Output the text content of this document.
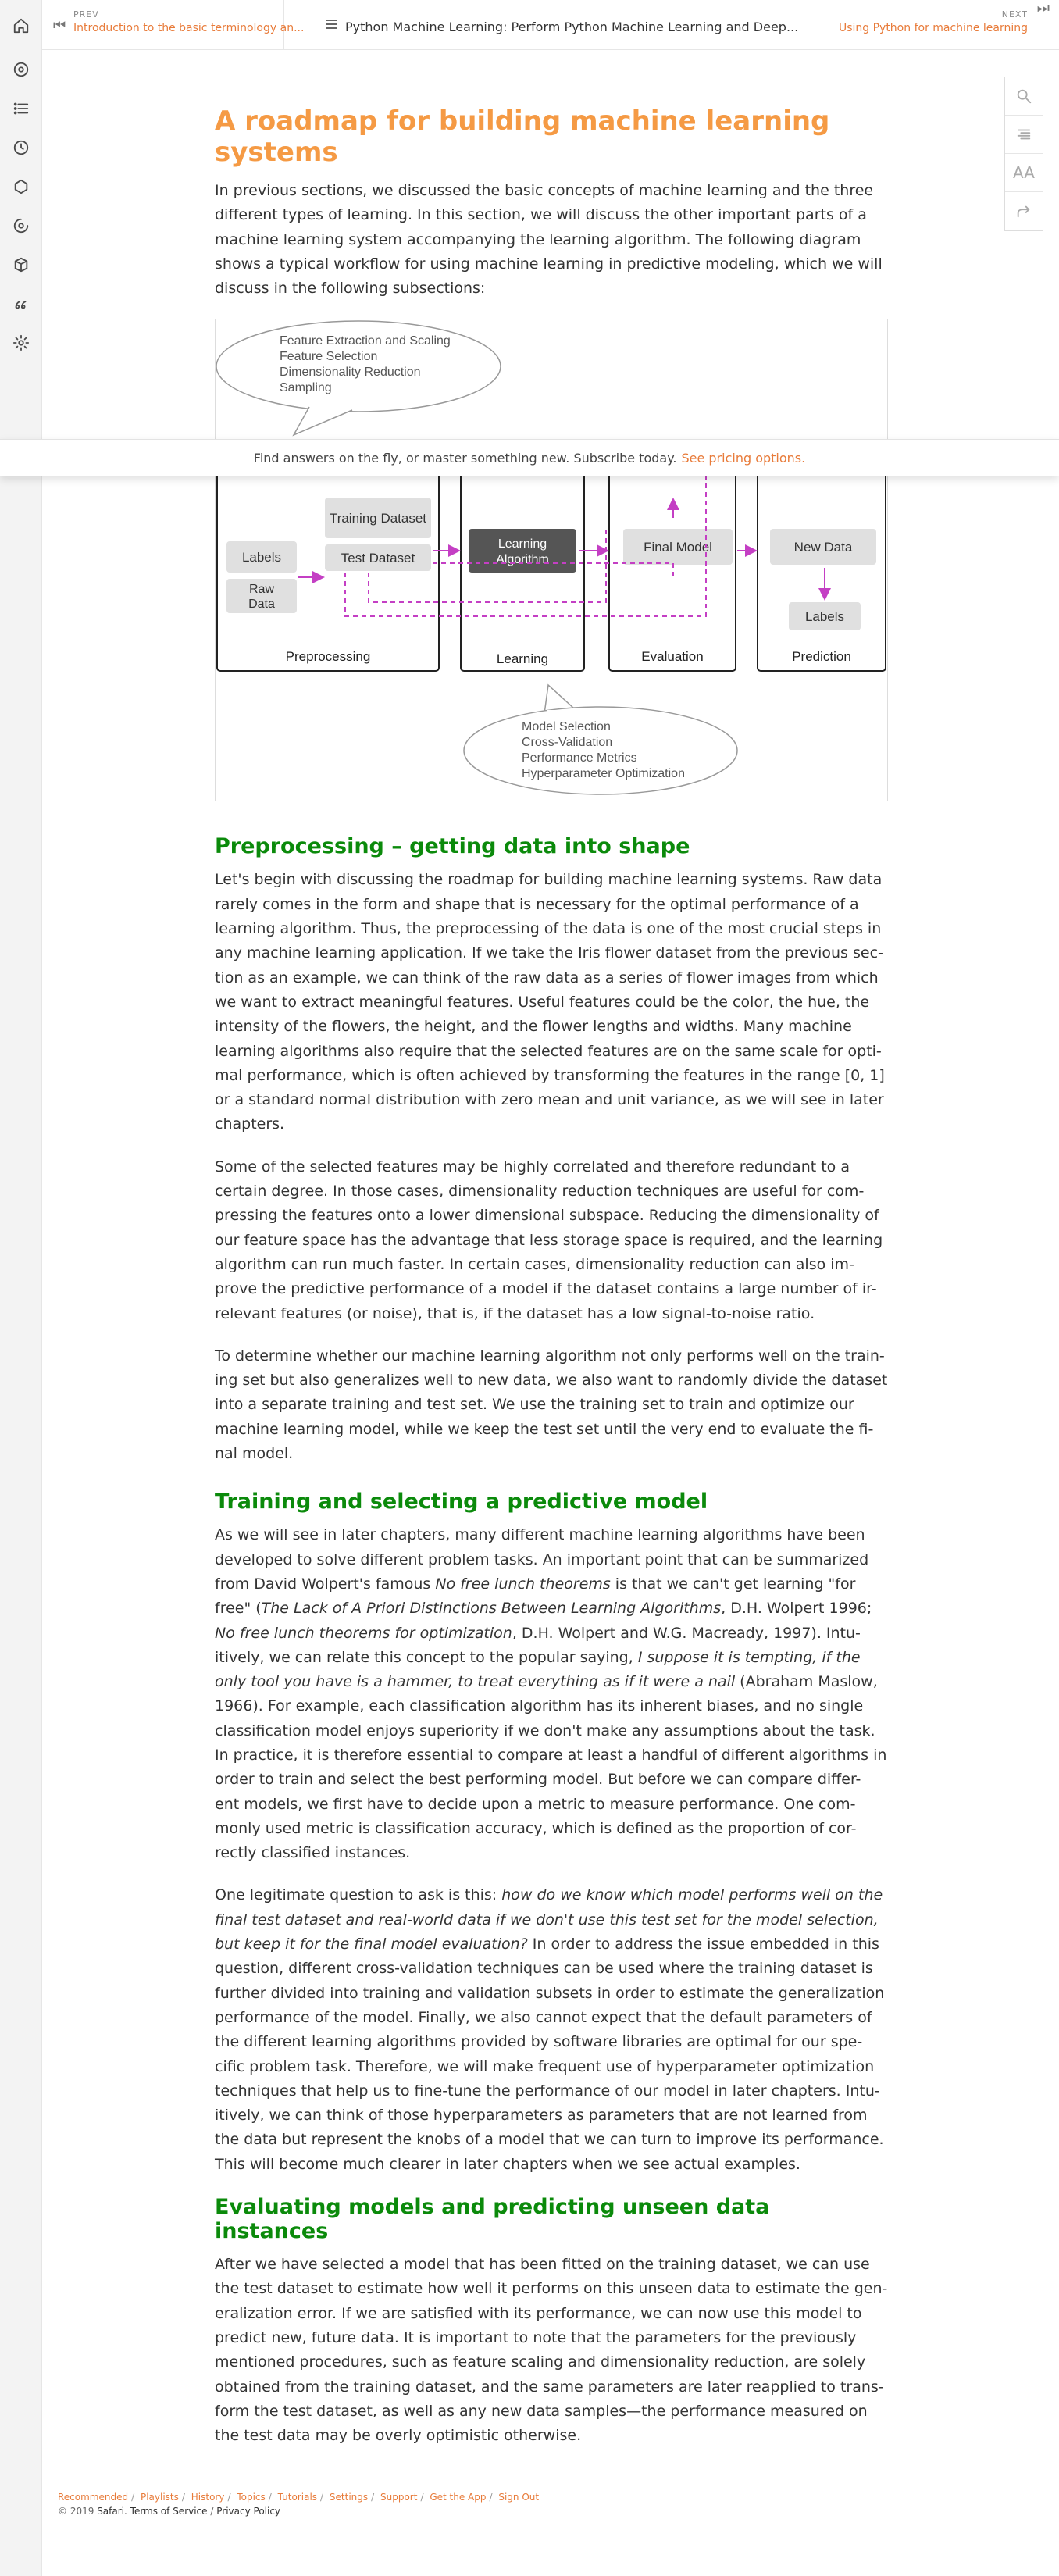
⏮
PREV
Introduction to the basic terminology an...	Python Machine Learning: Perform Python Machine Learning and Deep...
NEXT
Using Python for machine learning
⏭
AA
A roadmap for building machine learning systems

In previous sections, we discussed the basic concepts of machine learning and the three different types of learning. In this section, we will discuss the other important parts of a machine learning system accompanying the learning algorithm. The following diagram shows a typical workflow for using machine learning in predictive modeling, which we will discuss in the following subsections:

Feature Extraction and Scaling
Feature Selection
Dimensionality Reduction
Sampling
Training Dataset
Test Dataset
Labels
Raw
Data
Learning
Algorithm
Final Model	New Data
Labels
Preprocessing	Learning	Evaluation	Prediction
Model Selection
Cross-Validation
Performance Metrics
Hyperparameter Optimization
Preprocessing – getting data into shape

Let's begin with discussing the roadmap for building machine learning systems. Raw data rarely comes in the form and shape that is necessary for the optimal performance of a learning algorithm. Thus, the preprocessing of the data is one of the most crucial steps in any machine learning application. If we take the Iris flower dataset from the previous sec- tion as an example, we can think of the raw data as a series of flower images from which we want to extract meaningful features. Useful features could be the color, the hue, the intensity of the flowers, the height, and the flower lengths and widths. Many machine learning algorithms also require that the selected features are on the same scale for opti- mal performance, which is often achieved by transforming the features in the range [0, 1] or a standard normal distribution with zero mean and unit variance, as we will see in later chapters.

Some of the selected features may be highly correlated and therefore redundant to a certain degree. In those cases, dimensionality reduction techniques are useful for com- pressing the features onto a lower dimensional subspace. Reducing the dimensionality of our feature space has the advantage that less storage space is required, and the learning algorithm can run much faster. In certain cases, dimensionality reduction can also im- prove the predictive performance of a model if the dataset contains a large number of ir- relevant features (or noise), that is, if the dataset has a low signal-to-noise ratio.

To determine whether our machine learning algorithm not only performs well on the train- ing set but also generalizes well to new data, we also want to randomly divide the dataset into a separate training and test set. We use the training set to train and optimize our machine learning model, while we keep the test set until the very end to evaluate the fi- nal model.

Training and selecting a predictive model

As we will see in later chapters, many different machine learning algorithms have been developed to solve different problem tasks. An important point that can be summarized from David Wolpert's famous No free lunch theorems is that we can't get learning "for free" (The Lack of A Priori Distinctions Between Learning Algorithms, D.H. Wolpert 1996; No free lunch theorems for optimization, D.H. Wolpert and W.G. Macready, 1997). Intu- itively, we can relate this concept to the popular saying, I suppose it is tempting, if the only tool you have is a hammer, to treat everything as if it were a nail (Abraham Maslow, 1966). For example, each classification algorithm has its inherent biases, and no single classification model enjoys superiority if we don't make any assumptions about the task. In practice, it is therefore essential to compare at least a handful of different algorithms in order to train and select the best performing model. But before we can compare differ- ent models, we first have to decide upon a metric to measure performance. One com- monly used metric is classification accuracy, which is defined as the proportion of cor- rectly classified instances.

One legitimate question to ask is this: how do we know which model performs well on the final test dataset and real-world data if we don't use this test set for the model selection, but keep it for the final model evaluation? In order to address the issue embedded in this question, different cross-validation techniques can be used where the training dataset is further divided into training and validation subsets in order to estimate the generalization performance of the model. Finally, we also cannot expect that the default parameters of the different learning algorithms provided by software libraries are optimal for our spe- cific problem task. Therefore, we will make frequent use of hyperparameter optimization techniques that help us to fine-tune the performance of our model in later chapters. Intu- itively, we can think of those hyperparameters as parameters that are not learned from the data but represent the knobs of a model that we can turn to improve its performance. This will become much clearer in later chapters when we see actual examples.

Evaluating models and predicting unseen data instances

After we have selected a model that has been fitted on the training dataset, we can use the test dataset to estimate how well it performs on this unseen data to estimate the gen- eralization error. If we are satisfied with its performance, we can now use this model to predict new, future data. It is important to note that the parameters for the previously mentioned procedures, such as feature scaling and dimensionality reduction, are solely obtained from the training dataset, and the same parameters are later reapplied to trans- form the test dataset, as well as any new data samples—the performance measured on the test data may be overly optimistic otherwise.

Find answers on the fly, or master something new. Subscribe today. See pricing options.
Recommended / Playlists / History / Topics / Tutorials / Settings / Support / Get the App / Sign Out
© 2019 Safari. Terms of Service / Privacy Policy
